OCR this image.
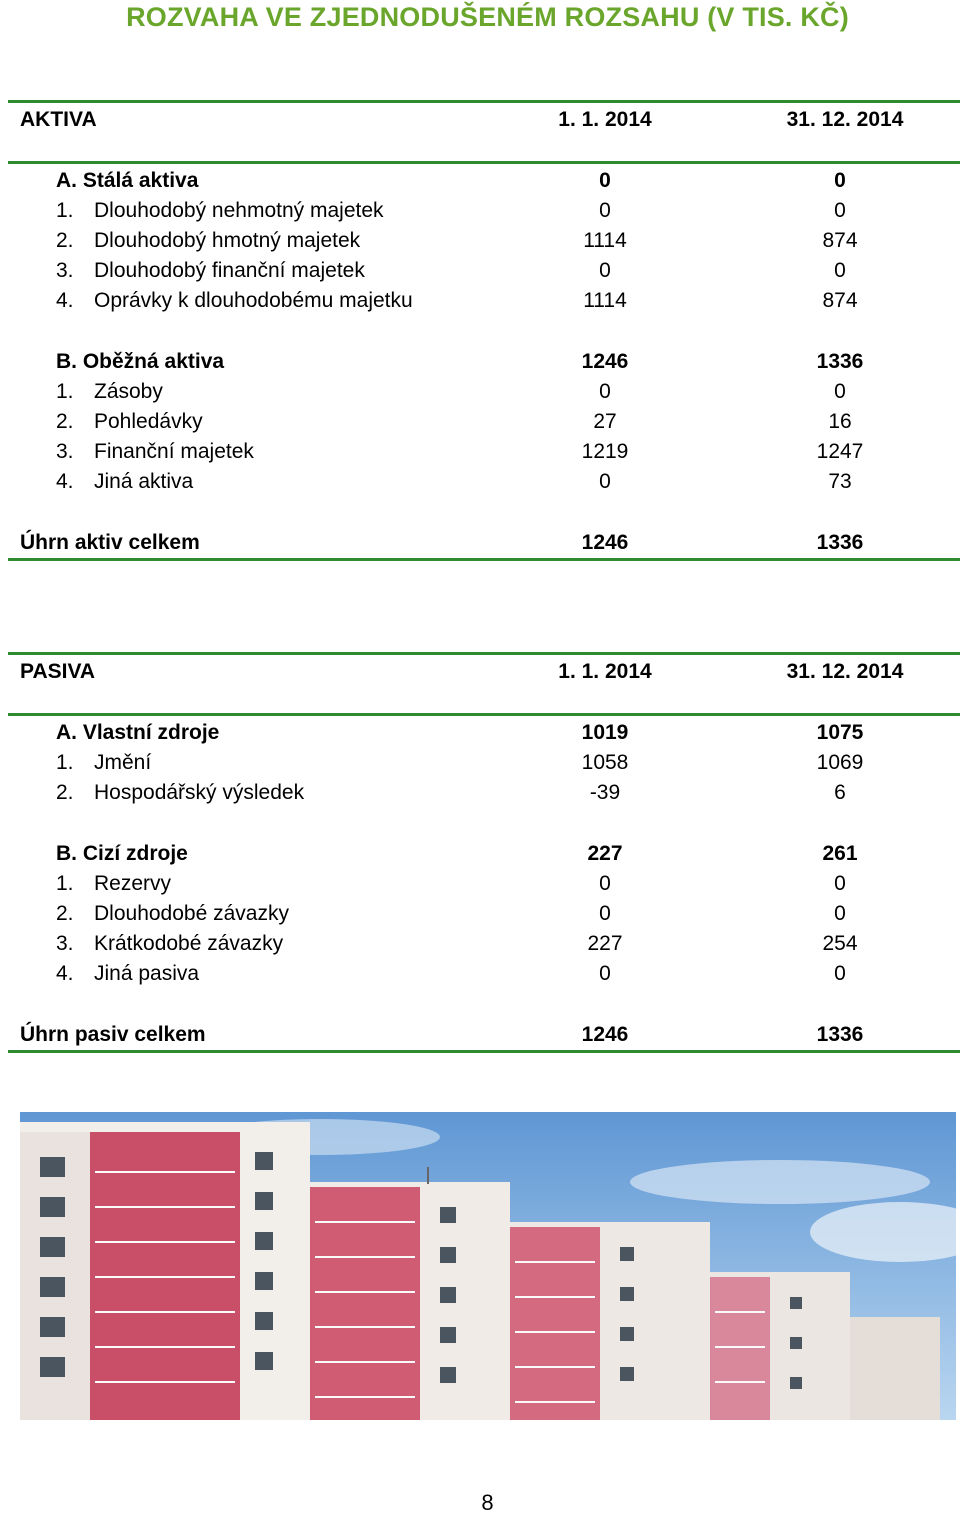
ROZVAHA VE ZJEDNODUŠENÉM ROZSAHU (V TIS. KČ)
AKTIVA	1. 1. 2014	31. 12. 2014
A. Stálá aktiva	0	0
1. Dlouhodobý nehmotný majetek	0	0
2. Dlouhodobý hmotný majetek	1114	874
3. Dlouhodobý finanční majetek	0	0
4. Oprávky k dlouhodobému majetku	1114	874
B. Oběžná aktiva	1246	1336
1. Zásoby	0	0
2. Pohledávky	27	16
3. Finanční majetek	1219	1247
4. Jiná aktiva	0	73
Úhrn aktiv celkem	1246	1336
PASIVA	1. 1. 2014	31. 12. 2014
A. Vlastní zdroje	1019	1075
1. Jmění	1058	1069
2. Hospodářský výsledek	-39	6
B. Cizí zdroje	227	261
1. Rezervy	0	0
2. Dlouhodobé závazky	0	0
3. Krátkodobé závazky	227	254
4. Jiná pasiva	0	0
Úhrn pasiv celkem	1246	1336
8
